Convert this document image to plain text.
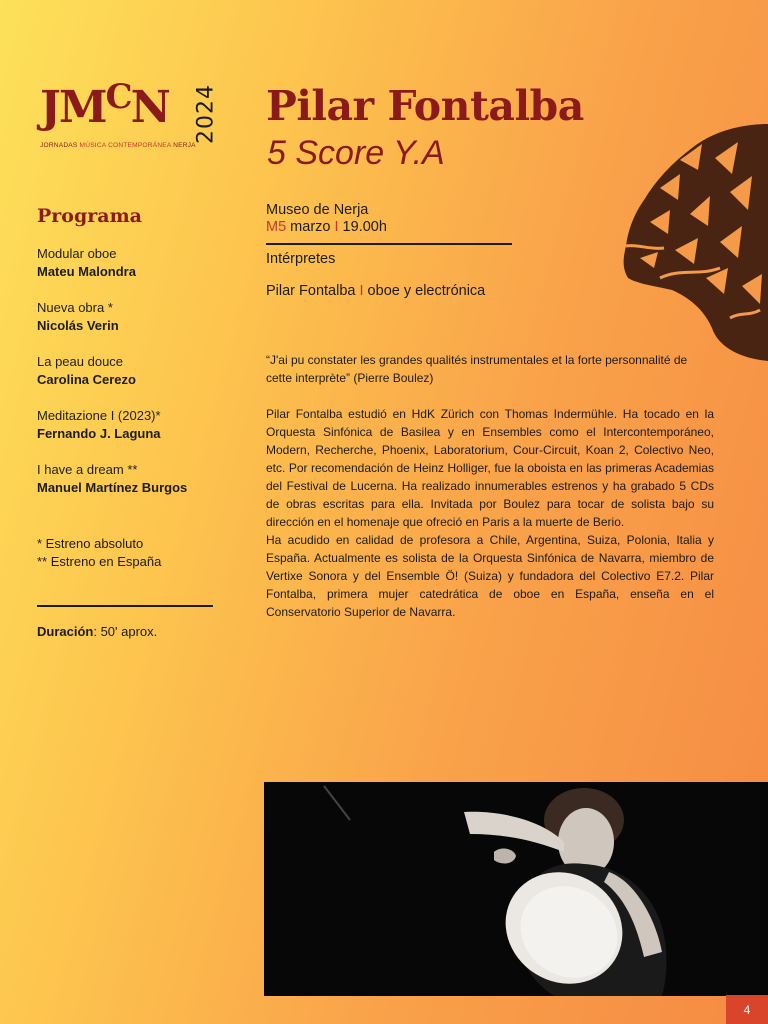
$JM^CN$ 2024
JORNADAS MÚSICA CONTEMPORÁNEA NERJA
Pilar Fontalba
5 Score Y.A
Programa
Modular oboe
Mateu Malondra
Nueva obra *
Nicolás Verin
La peau douce
Carolina Cerezo
Meditazione I (2023)*
Fernando J. Laguna
I have a dream **
Manuel Martínez Burgos
* Estreno absoluto
** Estreno en España
Duración: 50' aprox.
Museo de Nerja
M5 marzo I 19.00h
Intérpretes
Pilar Fontalba I oboe y electrónica
“J'ai pu constater les grandes qualités instrumentales et la forte personnalité de cette interprète” (Pierre Boulez)

Pilar Fontalba estudió en HdK Zürich con Thomas Indermühle. Ha tocado en la Orquesta Sinfónica de Basilea y en Ensembles como el Intercontemporáneo, Modern, Recherche, Phoenix, Laboratorium, Cour-Circuit, Koan 2, Colectivo Neo, etc. Por recomendación de Heinz Holliger, fue la oboista en las primeras Academias del Festival de Lucerna. Ha realizado innumerables estrenos y ha grabado 5 CDs de obras escritas para ella. Invitada por Boulez para tocar de solista bajo su dirección en el homenaje que ofreció en Paris a la muerte de Berio.

Ha acudido en calidad de profesora a Chile, Argentina, Suiza, Polonia, Italia y España. Actualmente es solista de la Orquesta Sinfónica de Navarra, miembro de Vertixe Sonora y del Ensemble Ö! (Suiza) y fundadora del Colectivo E7.2. Pilar Fontalba, primera mujer catedrática de oboe en España, enseña en el Conservatorio Superior de Navarra.

4
